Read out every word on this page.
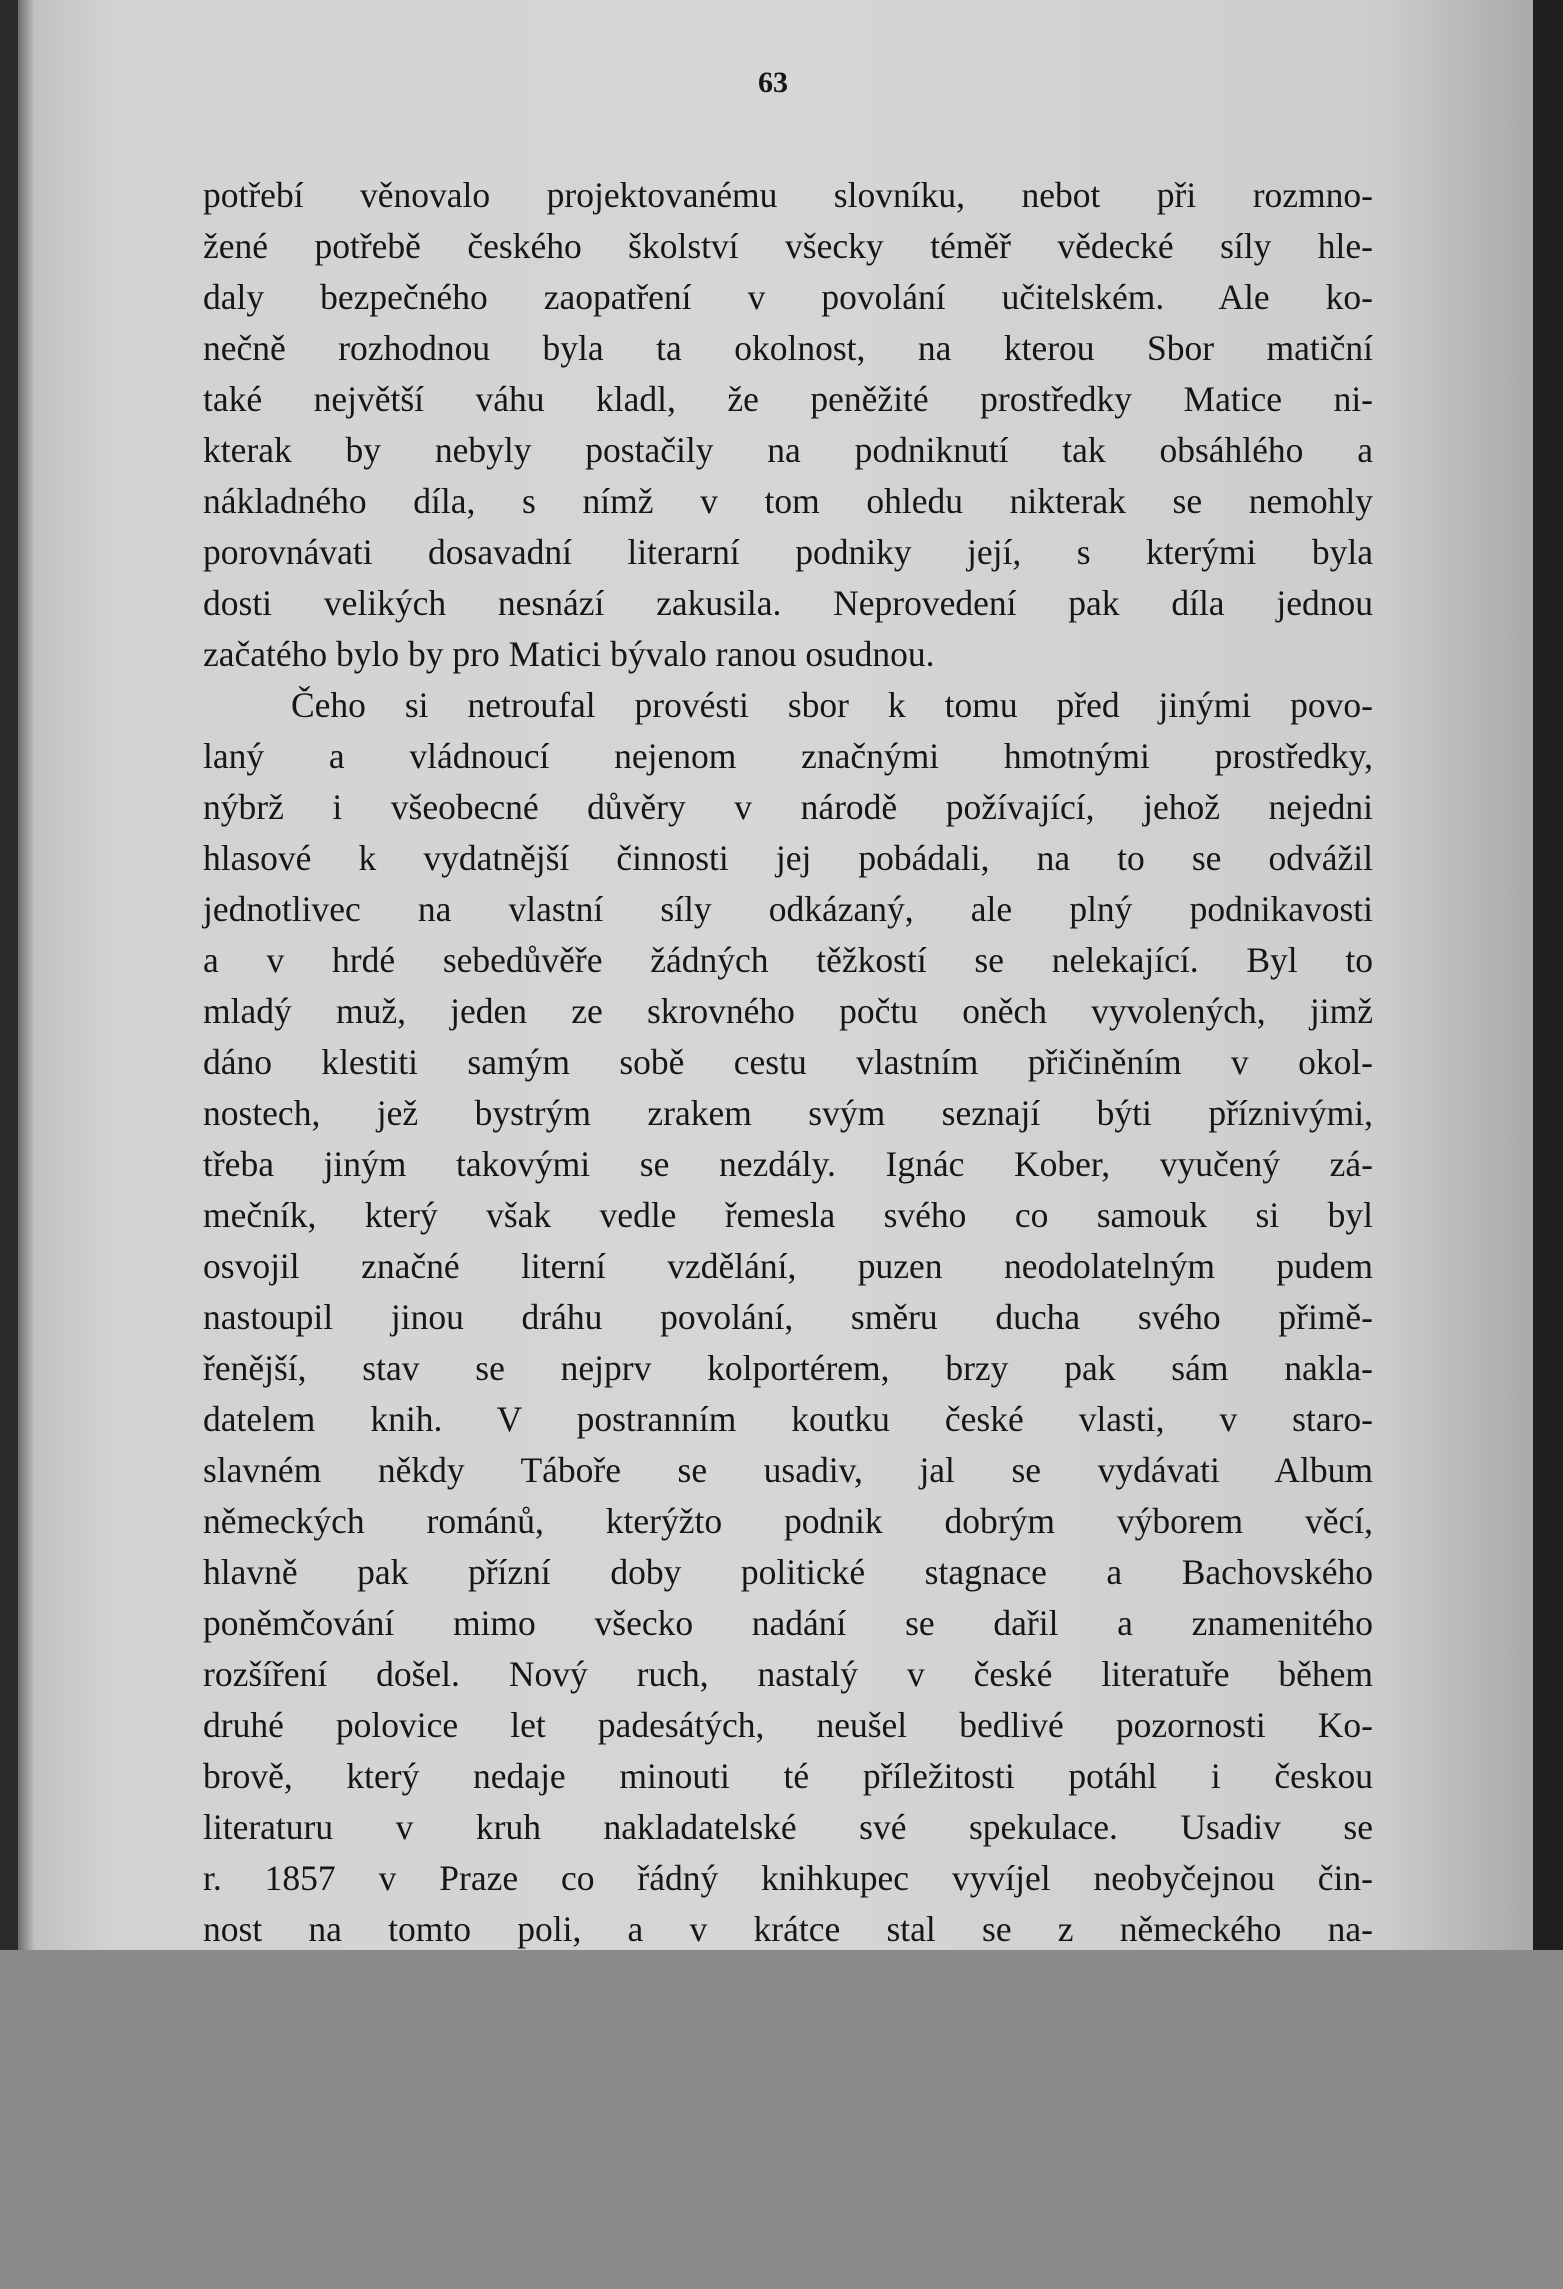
63
potřebí věnovalo projektovanému slovníku, nebot při rozmno-
žené potřebě českého školství všecky téměř vědecké síly hle-
daly bezpečného zaopatření v povolání učitelském. Ale ko-
nečně rozhodnou byla ta okolnost, na kterou Sbor matiční
také největší váhu kladl, že peněžité prostředky Matice ni-
kterak by nebyly postačily na podniknutí tak obsáhlého a
nákladného díla, s nímž v tom ohledu nikterak se nemohly
porovnávati dosavadní literarní podniky její, s kterými byla
dosti velikých nesnází zakusila. Neprovedení pak díla jednou
začatého bylo by pro Matici bývalo ranou osudnou.
Čeho si netroufal provésti sbor k tomu před jinými povo-
laný a vládnoucí nejenom značnými hmotnými prostředky,
nýbrž i všeobecné důvěry v národě požívající, jehož nejedni
hlasové k vydatnější činnosti jej pobádali, na to se odvážil
jednotlivec na vlastní síly odkázaný, ale plný podnikavosti
a v hrdé sebedůvěře žádných těžkostí se nelekající. Byl to
mladý muž, jeden ze skrovného počtu oněch vyvolených, jimž
dáno klestiti samým sobě cestu vlastním přičiněním v okol-
nostech, jež bystrým zrakem svým seznají býti příznivými,
třeba jiným takovými se nezdály. Ignác Kober, vyučený zá-
mečník, který však vedle řemesla svého co samouk si byl
osvojil značné literní vzdělání, puzen neodolatelným pudem
nastoupil jinou dráhu povolání, směru ducha svého přimě-
řenější, stav se nejprv kolportérem, brzy pak sám nakla-
datelem knih. V postranním koutku české vlasti, v staro-
slavném někdy Táboře se usadiv, jal se vydávati Album
německých románů, kterýžto podnik dobrým výborem věcí,
hlavně pak přízní doby politické stagnace a Bachovského
poněmčování mimo všecko nadání se dařil a znamenitého
rozšíření došel. Nový ruch, nastalý v české literatuře během
druhé polovice let padesátých, neušel bedlivé pozornosti Ko-
brově, který nedaje minouti té příležitosti potáhl i českou
literaturu v kruh nakladatelské své spekulace. Usadiv se
r. 1857 v Praze co řádný knihkupec vyvíjel neobyčejnou čin-
nost na tomto poli, a v krátce stal se z německého na-
